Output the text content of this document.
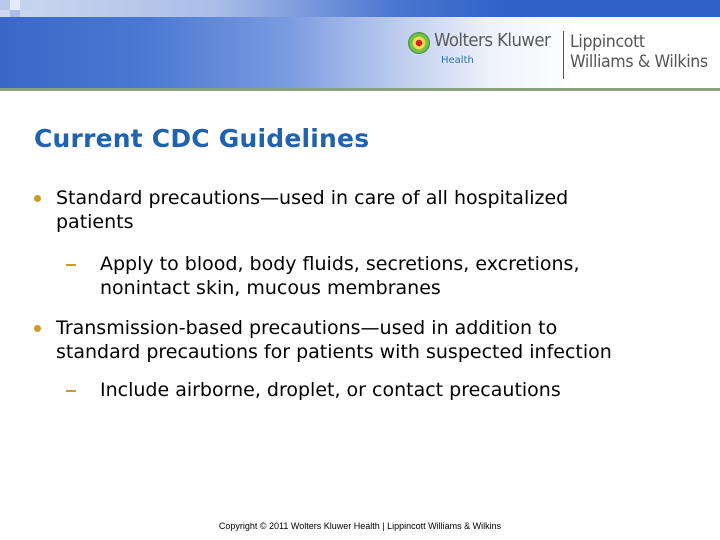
Wolters Kluwer
Health
Lippincott
Williams & Wilkins
Current CDC Guidelines
Standard precautions—used in care of all hospitalized
patients
Apply to blood, body fluids, secretions, excretions,
nonintact skin, mucous membranes
Transmission-based precautions—used in addition to
standard precautions for patients with suspected infection
Include airborne, droplet, or contact precautions
Copyright © 2011 Wolters Kluwer Health | Lippincott Williams & Wilkins
